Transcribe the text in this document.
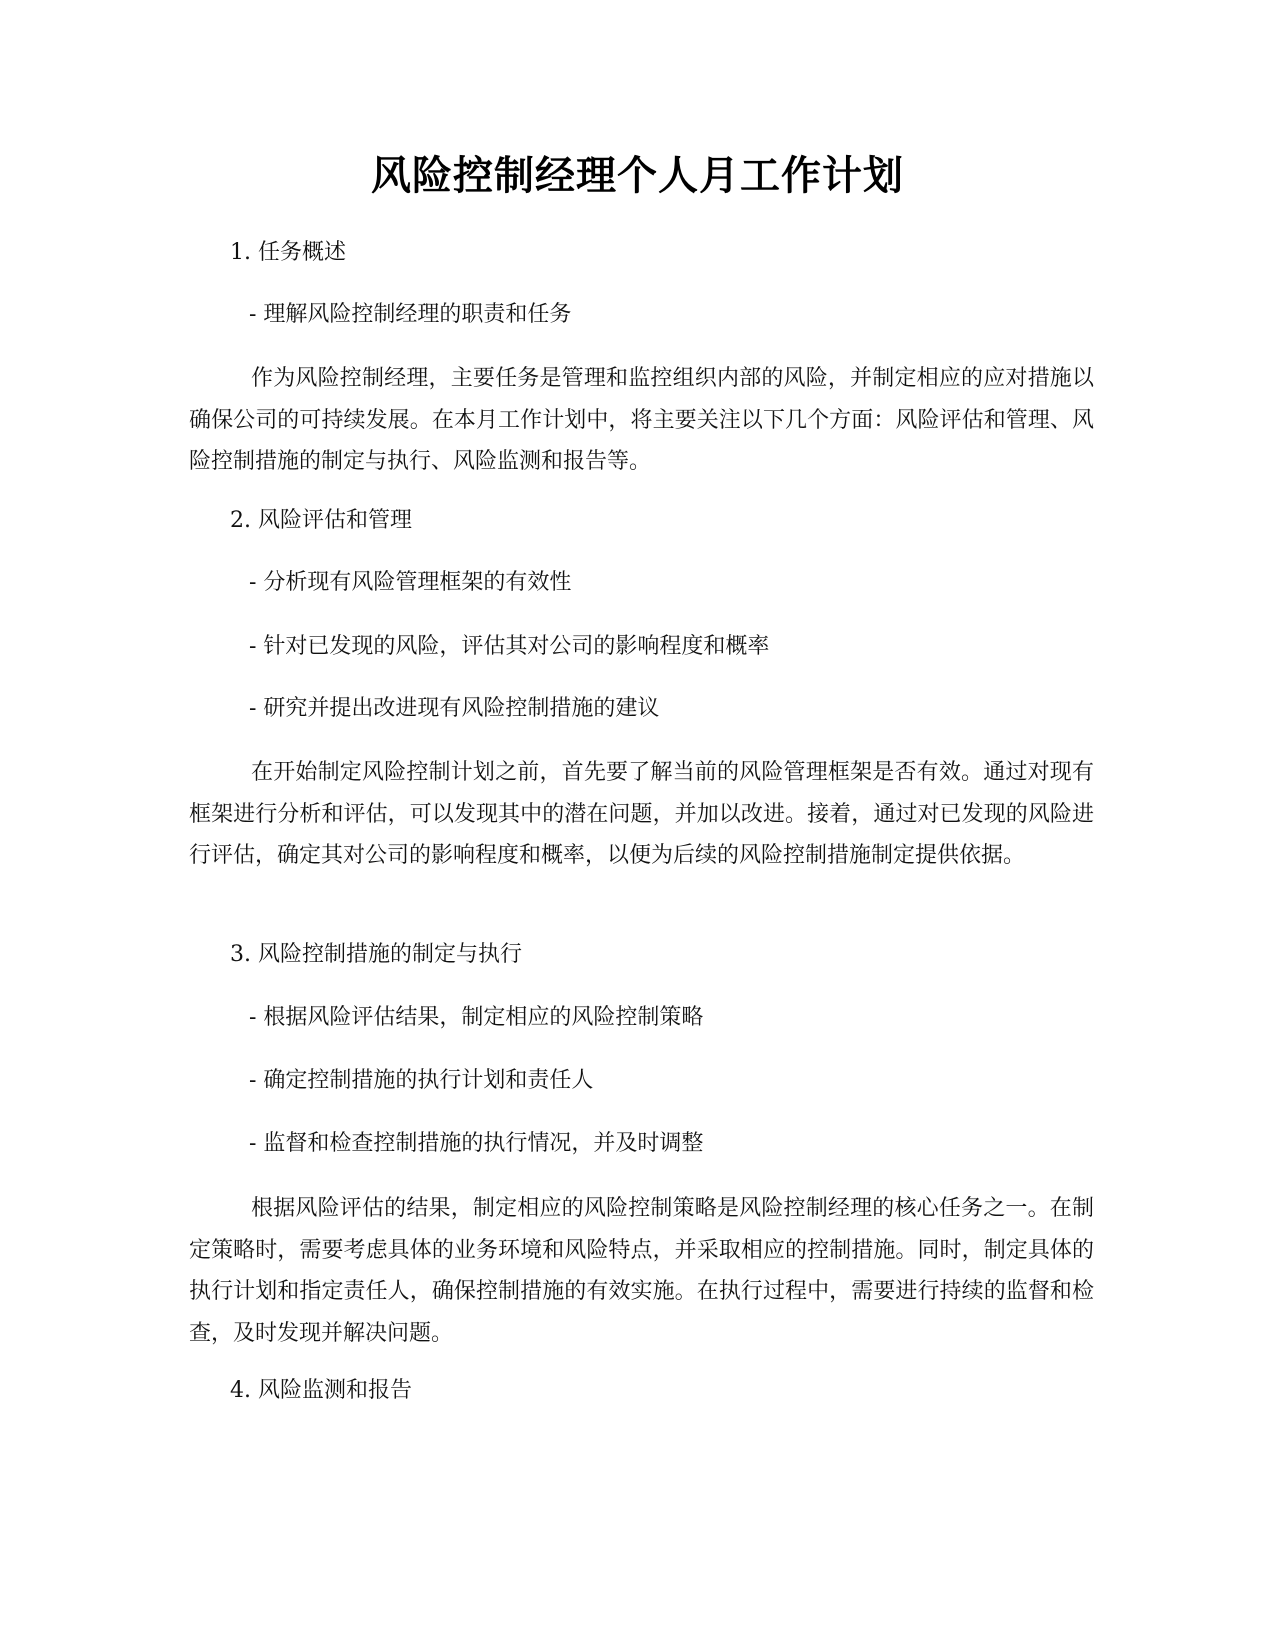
风险控制经理个人月工作计划
1. 任务概述
- 理解风险控制经理的职责和任务
作为风险控制经理，主要任务是管理和监控组织内部的风险，并制定相应的应对措施以确保公司的可持续发展。在本月工作计划中，将主要关注以下几个方面：风险评估和管理、风险控制措施的制定与执行、风险监测和报告等。
2. 风险评估和管理
- 分析现有风险管理框架的有效性
- 针对已发现的风险，评估其对公司的影响程度和概率
- 研究并提出改进现有风险控制措施的建议
在开始制定风险控制计划之前，首先要了解当前的风险管理框架是否有效。通过对现有框架进行分析和评估，可以发现其中的潜在问题，并加以改进。接着，通过对已发现的风险进行评估，确定其对公司的影响程度和概率，以便为后续的风险控制措施制定提供依据。
3. 风险控制措施的制定与执行
- 根据风险评估结果，制定相应的风险控制策略
- 确定控制措施的执行计划和责任人
- 监督和检查控制措施的执行情况，并及时调整
根据风险评估的结果，制定相应的风险控制策略是风险控制经理的核心任务之一。在制定策略时，需要考虑具体的业务环境和风险特点，并采取相应的控制措施。同时，制定具体的执行计划和指定责任人，确保控制措施的有效实施。在执行过程中，需要进行持续的监督和检查，及时发现并解决问题。
4. 风险监测和报告
